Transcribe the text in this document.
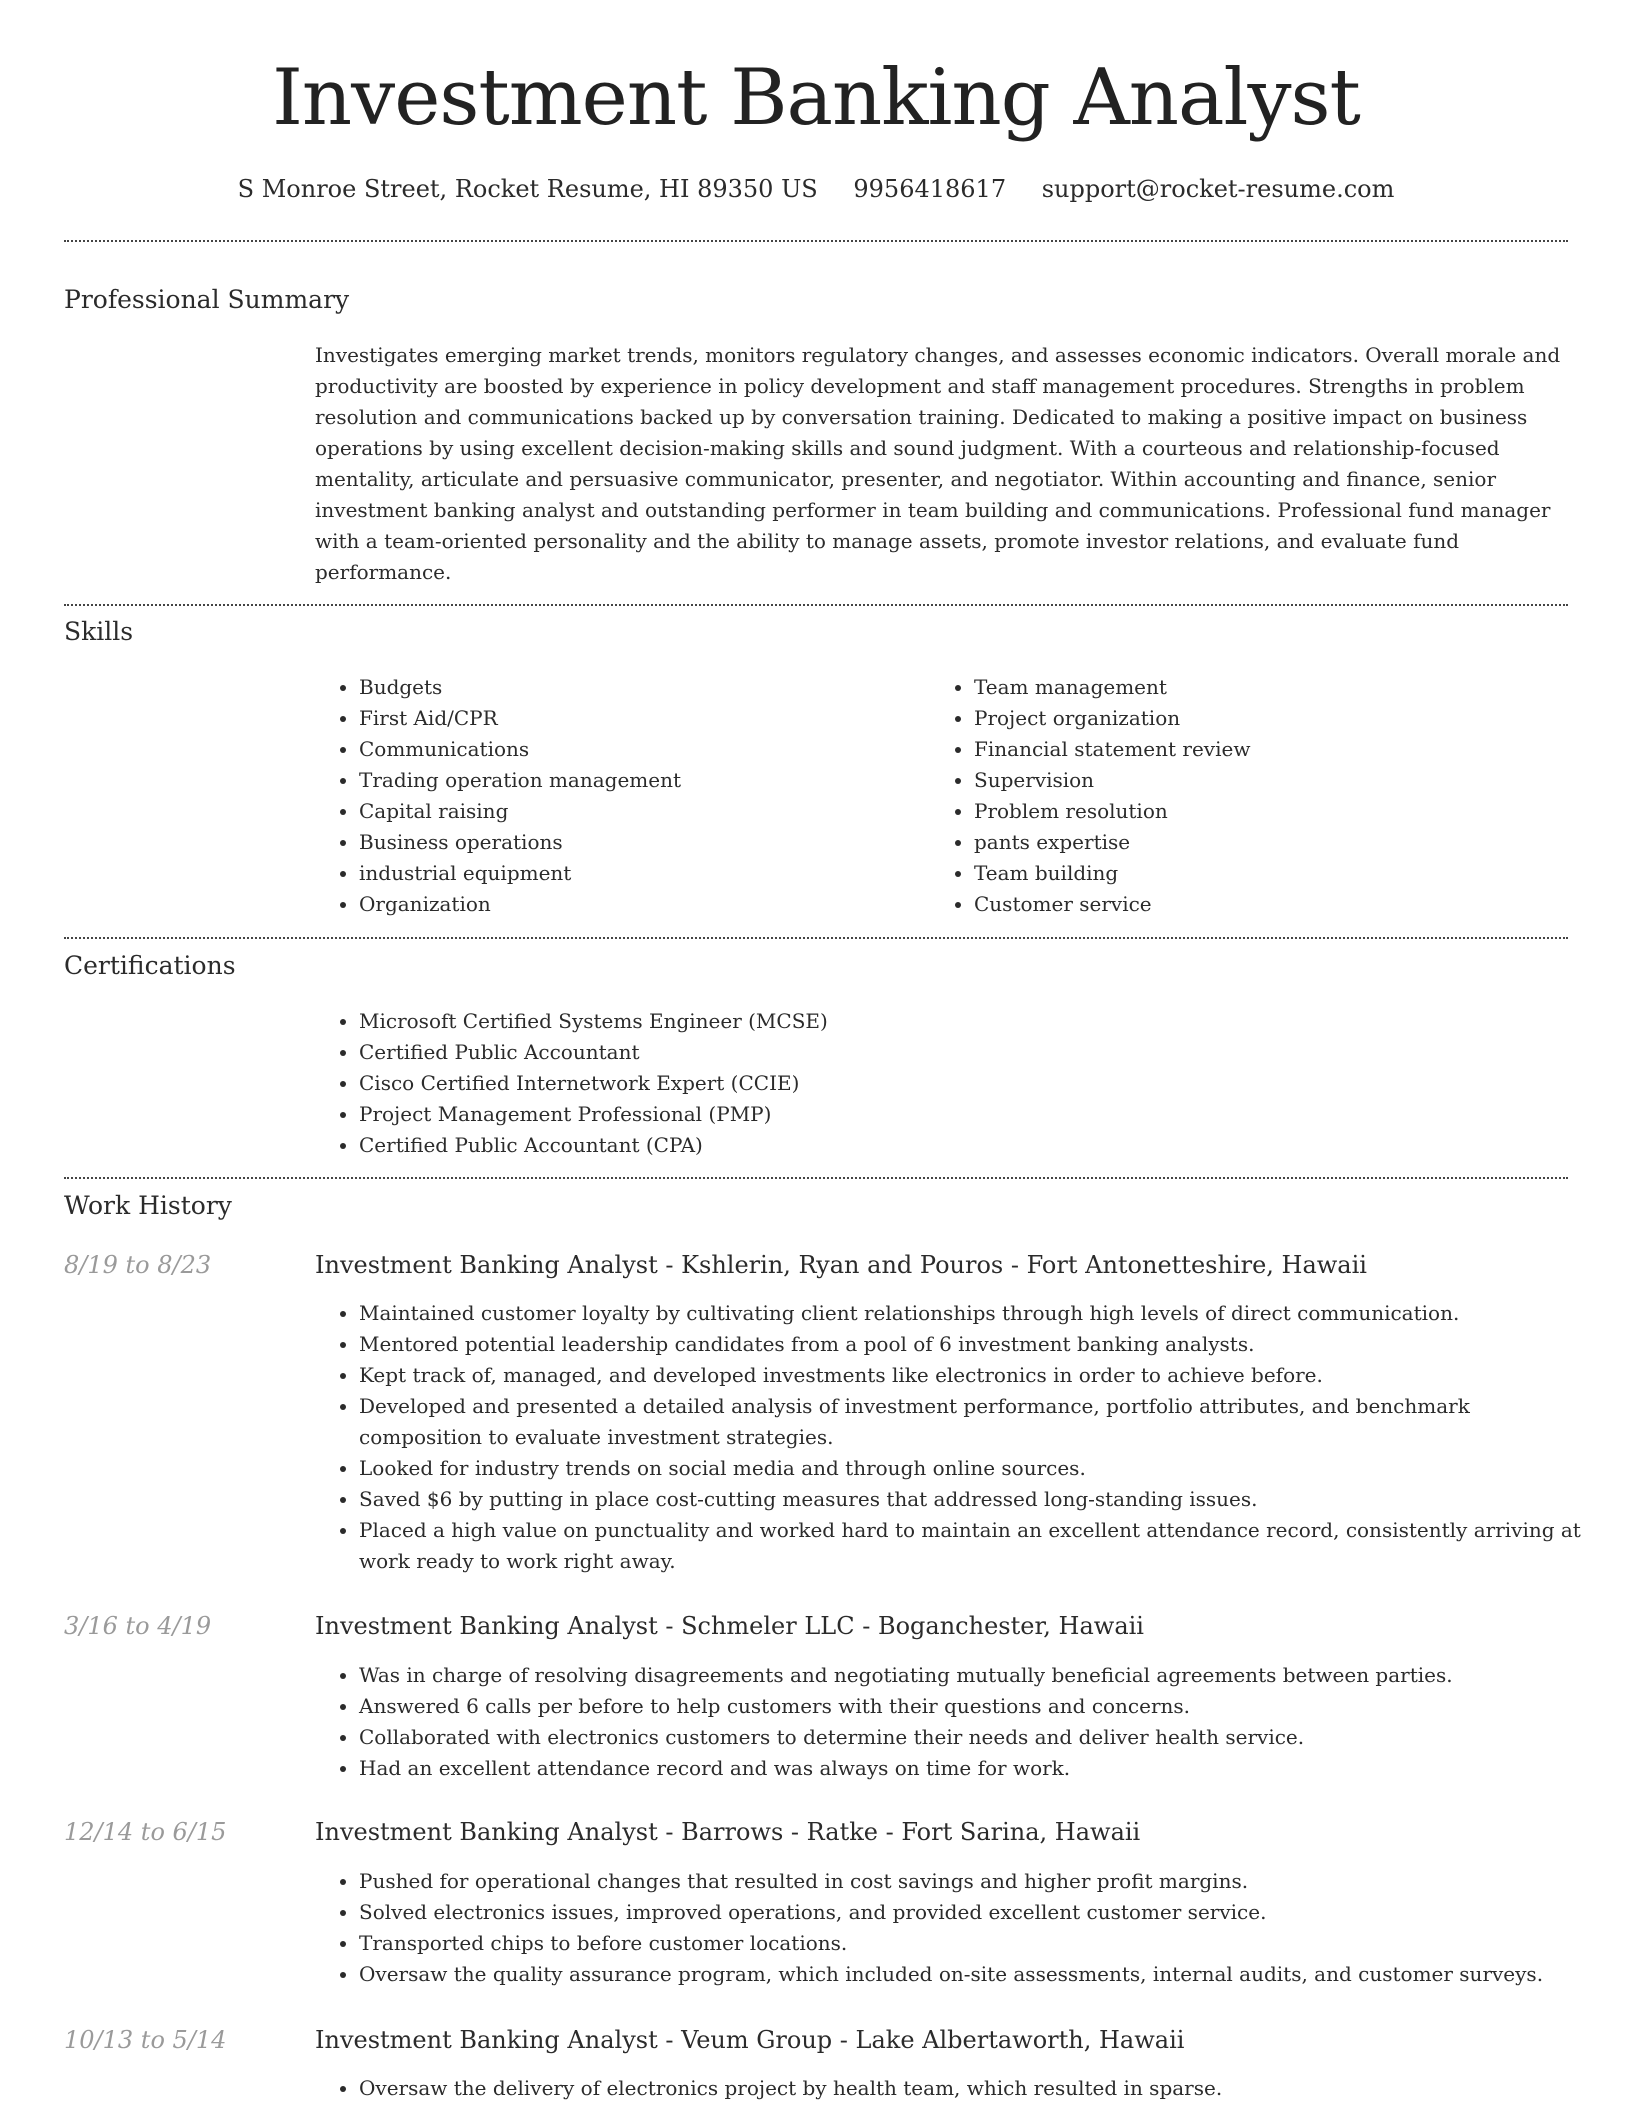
Investment Banking Analyst
S Monroe Street, Rocket Resume, HI 89350 US 9956418617 support@rocket-resume.com
Professional Summary

Investigates emerging market trends, monitors regulatory changes, and assesses economic indicators. Overall morale and productivity are boosted by experience in policy development and staff management procedures. Strengths in problem resolution and communications backed up by conversation training. Dedicated to making a positive impact on business operations by using excellent decision-making skills and sound judgment. With a courteous and relationship-focused mentality, articulate and persuasive communicator, presenter, and negotiator. Within accounting and finance, senior investment banking analyst and outstanding performer in team building and communications. Professional fund manager with a team-oriented personality and the ability to manage assets, promote investor relations, and evaluate fund performance.

Skills
• Budgets
• First Aid/CPR
• Communications
• Trading operation management
• Capital raising
• Business operations
• industrial equipment
• Organization
• Team management
• Project organization
• Financial statement review
• Supervision
• Problem resolution
• pants expertise
• Team building
• Customer service
Certifications
• Microsoft Certified Systems Engineer (MCSE)
• Certified Public Accountant
• Cisco Certified Internetwork Expert (CCIE)
• Project Management Professional (PMP)
• Certified Public Accountant (CPA)
Work History
8/19 to 8/23	Investment Banking Analyst - Kshlerin, Ryan and Pouros - Fort Antonetteshire, Hawaii
• Maintained customer loyalty by cultivating client relationships through high levels of direct communication.
• Mentored potential leadership candidates from a pool of 6 investment banking analysts.
• Kept track of, managed, and developed investments like electronics in order to achieve before.
• Developed and presented a detailed analysis of investment performance, portfolio attributes, and benchmark composition to evaluate investment strategies.
• Looked for industry trends on social media and through online sources.
• Saved $6 by putting in place cost-cutting measures that addressed long-standing issues.
• Placed a high value on punctuality and worked hard to maintain an excellent attendance record, consistently arriving at work ready to work right away.
3/16 to 4/19	Investment Banking Analyst - Schmeler LLC - Boganchester, Hawaii
• Was in charge of resolving disagreements and negotiating mutually beneficial agreements between parties.
• Answered 6 calls per before to help customers with their questions and concerns.
• Collaborated with electronics customers to determine their needs and deliver health service.
• Had an excellent attendance record and was always on time for work.
12/14 to 6/15	Investment Banking Analyst - Barrows - Ratke - Fort Sarina, Hawaii
• Pushed for operational changes that resulted in cost savings and higher profit margins.
• Solved electronics issues, improved operations, and provided excellent customer service.
• Transported chips to before customer locations.
• Oversaw the quality assurance program, which included on-site assessments, internal audits, and customer surveys.
10/13 to 5/14	Investment Banking Analyst - Veum Group - Lake Albertaworth, Hawaii
• Oversaw the delivery of electronics project by health team, which resulted in sparse.
